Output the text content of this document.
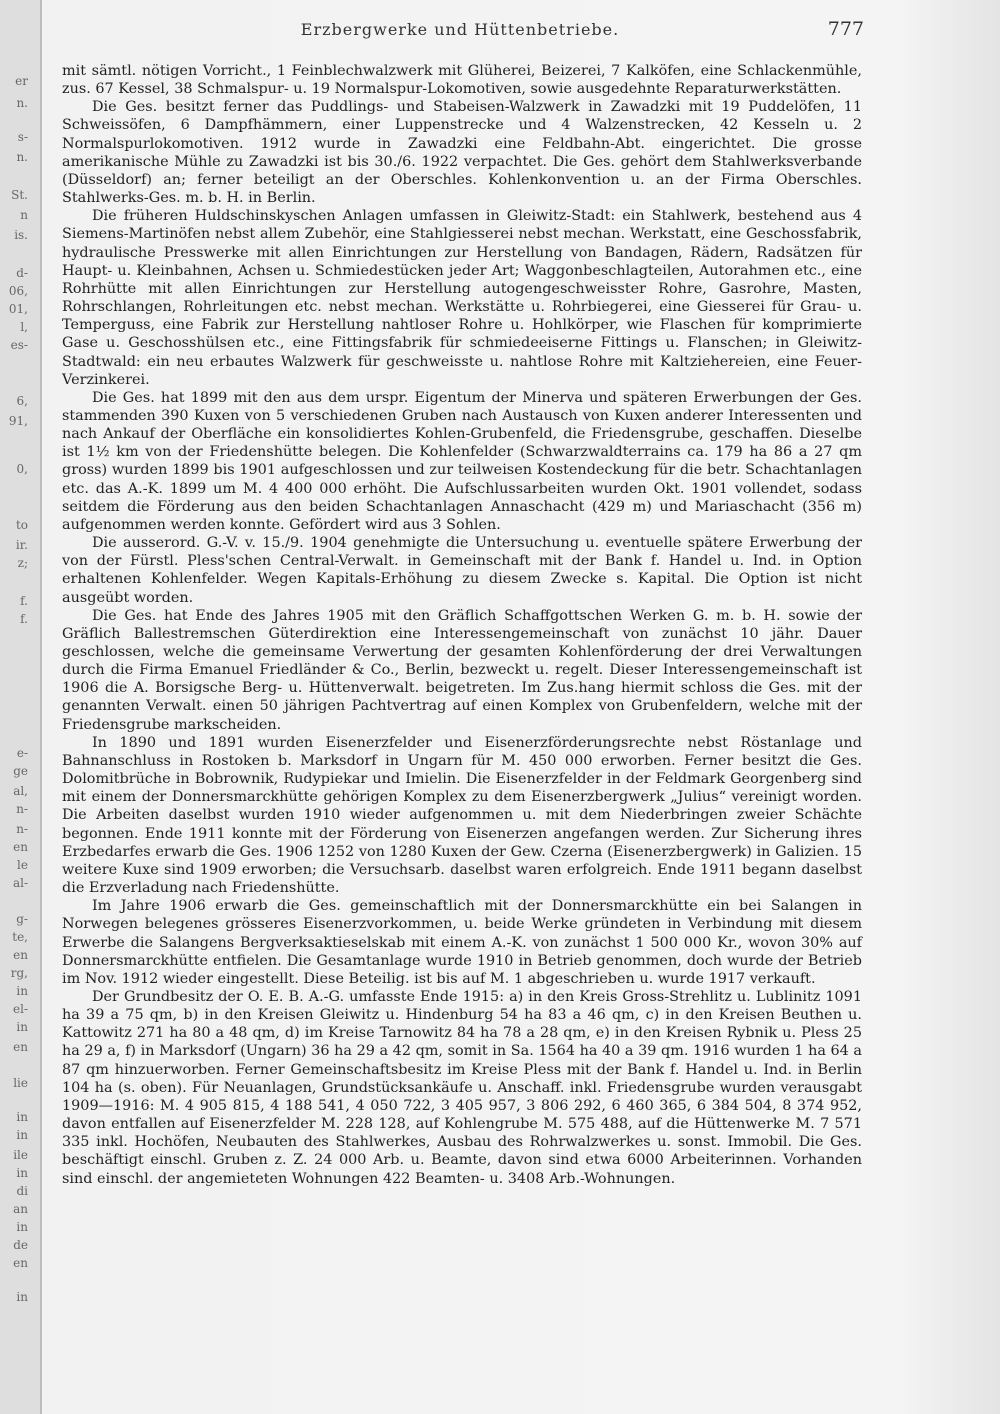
er
n.
s-
n.
St.
n
is.
d-
06,
01,
l,
es-
6,
91,
0,
to
ir.
z;
f.
f.
e-
ge
al,
n-
n-
en
le
al-
g-
te,
en
rg,
in
el-
in
en
lie
in
in
ile
in
di
an
in
de
en
in
Erzbergwerke und Hüttenbetriebe.	777

mit sämtl. nötigen Vorricht., 1 Feinblechwalzwerk mit Glüherei, Beizerei, 7 Kalköfen, eine Schlackenmühle, zus. 67 Kessel, 38 Schmalspur- u. 19 Normalspur-Lokomotiven, sowie ausgedehnte Reparaturwerkstätten.

Die Ges. besitzt ferner das Puddlings- und Stabeisen-Walzwerk in Zawadzki mit 19 Puddelöfen, 11 Schweissöfen, 6 Dampfhämmern, einer Luppenstrecke und 4 Walzenstrecken, 42 Kesseln u. 2 Normalspurlokomotiven. 1912 wurde in Zawadzki eine Feldbahn-Abt. eingerichtet. Die grosse amerikanische Mühle zu Zawadzki ist bis 30./6. 1922 verpachtet. Die Ges. gehört dem Stahlwerksverbande (Düsseldorf) an; ferner beteiligt an der Oberschles. Kohlenkonvention u. an der Firma Oberschles. Stahlwerks-Ges. m. b. H. in Berlin.

Die früheren Huldschinskyschen Anlagen umfassen in Gleiwitz-Stadt: ein Stahlwerk, bestehend aus 4 Siemens-Martinöfen nebst allem Zubehör, eine Stahlgiesserei nebst mechan. Werkstatt, eine Geschossfabrik, hydraulische Presswerke mit allen Einrichtungen zur Herstellung von Bandagen, Rädern, Radsätzen für Haupt- u. Kleinbahnen, Achsen u. Schmiedestücken jeder Art; Waggonbeschlagteilen, Autorahmen etc., eine Rohrhütte mit allen Einrichtungen zur Herstellung autogengeschweisster Rohre, Gasrohre, Masten, Rohrschlangen, Rohrleitungen etc. nebst mechan. Werkstätte u. Rohrbiegerei, eine Giesserei für Grau- u. Temperguss, eine Fabrik zur Herstellung nahtloser Rohre u. Hohlkörper, wie Flaschen für komprimierte Gase u. Geschosshülsen etc., eine Fittingsfabrik für schmiedeeiserne Fittings u. Flanschen; in Gleiwitz-Stadtwald: ein neu erbautes Walzwerk für geschweisste u. nahtlose Rohre mit Kaltziehereien, eine Feuer-Verzinkerei.

Die Ges. hat 1899 mit den aus dem urspr. Eigentum der Minerva und späteren Erwerbungen der Ges. stammenden 390 Kuxen von 5 verschiedenen Gruben nach Austausch von Kuxen anderer Interessenten und nach Ankauf der Oberfläche ein konsolidiertes Kohlen-Grubenfeld, die Friedensgrube, geschaffen. Dieselbe ist 1½ km von der Friedenshütte belegen. Die Kohlenfelder (Schwarzwaldterrains ca. 179 ha 86 a 27 qm gross) wurden 1899 bis 1901 aufgeschlossen und zur teilweisen Kostendeckung für die betr. Schachtanlagen etc. das A.-K. 1899 um M. 4 400 000 erhöht. Die Aufschlussarbeiten wurden Okt. 1901 vollendet, sodass seitdem die Förderung aus den beiden Schachtanlagen Annaschacht (429 m) und Mariaschacht (356 m) aufgenommen werden konnte. Gefördert wird aus 3 Sohlen.

Die ausserord. G.-V. v. 15./9. 1904 genehmigte die Untersuchung u. eventuelle spätere Erwerbung der von der Fürstl. Pless'schen Central-Verwalt. in Gemeinschaft mit der Bank f. Handel u. Ind. in Option erhaltenen Kohlenfelder. Wegen Kapitals-Erhöhung zu diesem Zwecke s. Kapital. Die Option ist nicht ausgeübt worden.

Die Ges. hat Ende des Jahres 1905 mit den Gräflich Schaffgottschen Werken G. m. b. H. sowie der Gräflich Ballestremschen Güterdirektion eine Interessengemeinschaft von zunächst 10 jähr. Dauer geschlossen, welche die gemeinsame Verwertung der gesamten Kohlenförderung der drei Verwaltungen durch die Firma Emanuel Friedländer & Co., Berlin, bezweckt u. regelt. Dieser Interessengemeinschaft ist 1906 die A. Borsigsche Berg- u. Hüttenverwalt. beigetreten. Im Zus.hang hiermit schloss die Ges. mit der genannten Verwalt. einen 50 jährigen Pachtvertrag auf einen Komplex von Grubenfeldern, welche mit der Friedensgrube markscheiden.

In 1890 und 1891 wurden Eisenerzfelder und Eisenerzförderungsrechte nebst Röstanlage und Bahnanschluss in Rostoken b. Marksdorf in Ungarn für M. 450 000 erworben. Ferner besitzt die Ges. Dolomitbrüche in Bobrownik, Rudypiekar und Imielin. Die Eisenerzfelder in der Feldmark Georgenberg sind mit einem der Donnersmarckhütte gehörigen Komplex zu dem Eisenerzbergwerk „Julius“ vereinigt worden. Die Arbeiten daselbst wurden 1910 wieder aufgenommen u. mit dem Niederbringen zweier Schächte begonnen. Ende 1911 konnte mit der Förderung von Eisenerzen angefangen werden. Zur Sicherung ihres Erzbedarfes erwarb die Ges. 1906 1252 von 1280 Kuxen der Gew. Czerna (Eisenerzbergwerk) in Galizien. 15 weitere Kuxe sind 1909 erworben; die Versuchsarb. daselbst waren erfolgreich. Ende 1911 begann daselbst die Erzverladung nach Friedenshütte.

Im Jahre 1906 erwarb die Ges. gemeinschaftlich mit der Donnersmarckhütte ein bei Salangen in Norwegen belegenes grösseres Eisenerzvorkommen, u. beide Werke gründeten in Verbindung mit diesem Erwerbe die Salangens Bergverksaktieselskab mit einem A.-K. von zunächst 1 500 000 Kr., wovon 30% auf Donnersmarckhütte entfielen. Die Gesamtanlage wurde 1910 in Betrieb genommen, doch wurde der Betrieb im Nov. 1912 wieder eingestellt. Diese Beteilig. ist bis auf M. 1 abgeschrieben u. wurde 1917 verkauft.

Der Grundbesitz der O. E. B. A.-G. umfasste Ende 1915: a) in den Kreis Gross-Strehlitz u. Lublinitz 1091 ha 39 a 75 qm, b) in den Kreisen Gleiwitz u. Hindenburg 54 ha 83 a 46 qm, c) in den Kreisen Beuthen u. Kattowitz 271 ha 80 a 48 qm, d) im Kreise Tarnowitz 84 ha 78 a 28 qm, e) in den Kreisen Rybnik u. Pless 25 ha 29 a, f) in Marksdorf (Ungarn) 36 ha 29 a 42 qm, somit in Sa. 1564 ha 40 a 39 qm. 1916 wurden 1 ha 64 a 87 qm hinzuerworben. Ferner Gemeinschaftsbesitz im Kreise Pless mit der Bank f. Handel u. Ind. in Berlin 104 ha (s. oben). Für Neuanlagen, Grundstücksankäufe u. Anschaff. inkl. Friedensgrube wurden verausgabt 1909—1916: M. 4 905 815, 4 188 541, 4 050 722, 3 405 957, 3 806 292, 6 460 365, 6 384 504, 8 374 952, davon entfallen auf Eisenerzfelder M. 228 128, auf Kohlengrube M. 575 488, auf die Hüttenwerke M. 7 571 335 inkl. Hochöfen, Neubauten des Stahlwerkes, Ausbau des Rohrwalzwerkes u. sonst. Immobil. Die Ges. beschäftigt einschl. Gruben z. Z. 24 000 Arb. u. Beamte, davon sind etwa 6000 Arbeiterinnen. Vorhanden sind einschl. der angemieteten Wohnungen 422 Beamten- u. 3408 Arb.-Wohnungen.
